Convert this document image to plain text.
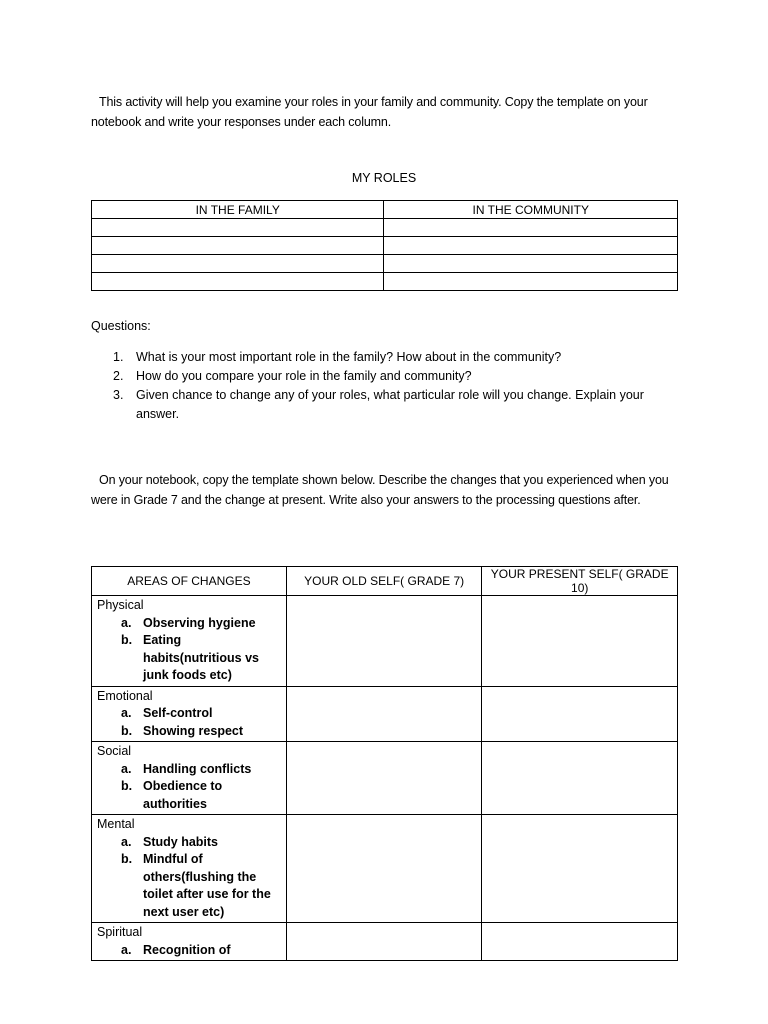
This activity will help you examine your roles in your family and community. Copy the template on your notebook and write your responses under each column.
MY ROLES
IN THE FAMILY	IN THE COMMUNITY

Questions:
1. What is your most important role in the family? How about in the community?
2. How do you compare your role in the family and community?
3. Given chance to change any of your roles, what particular role will you change. Explain your answer.
On your notebook, copy the template shown below. Describe the changes that you experienced when you were in Grade 7 and the change at present. Write also your answers to the processing questions after.
AREAS OF CHANGES	YOUR OLD SELF( GRADE 7)	YOUR PRESENT SELF( GRADE 10)

Physical
a. Observing hygiene
b. Eating habits(nutritious vs junk foods etc)		

Emotional
a. Self-control
b. Showing respect		

Social
a. Handling conflicts
b. Obedience to authorities		

Mental
a. Study habits
b. Mindful of others(flushing the toilet after use for the next user etc)		

Spiritual
a. Recognition of		
